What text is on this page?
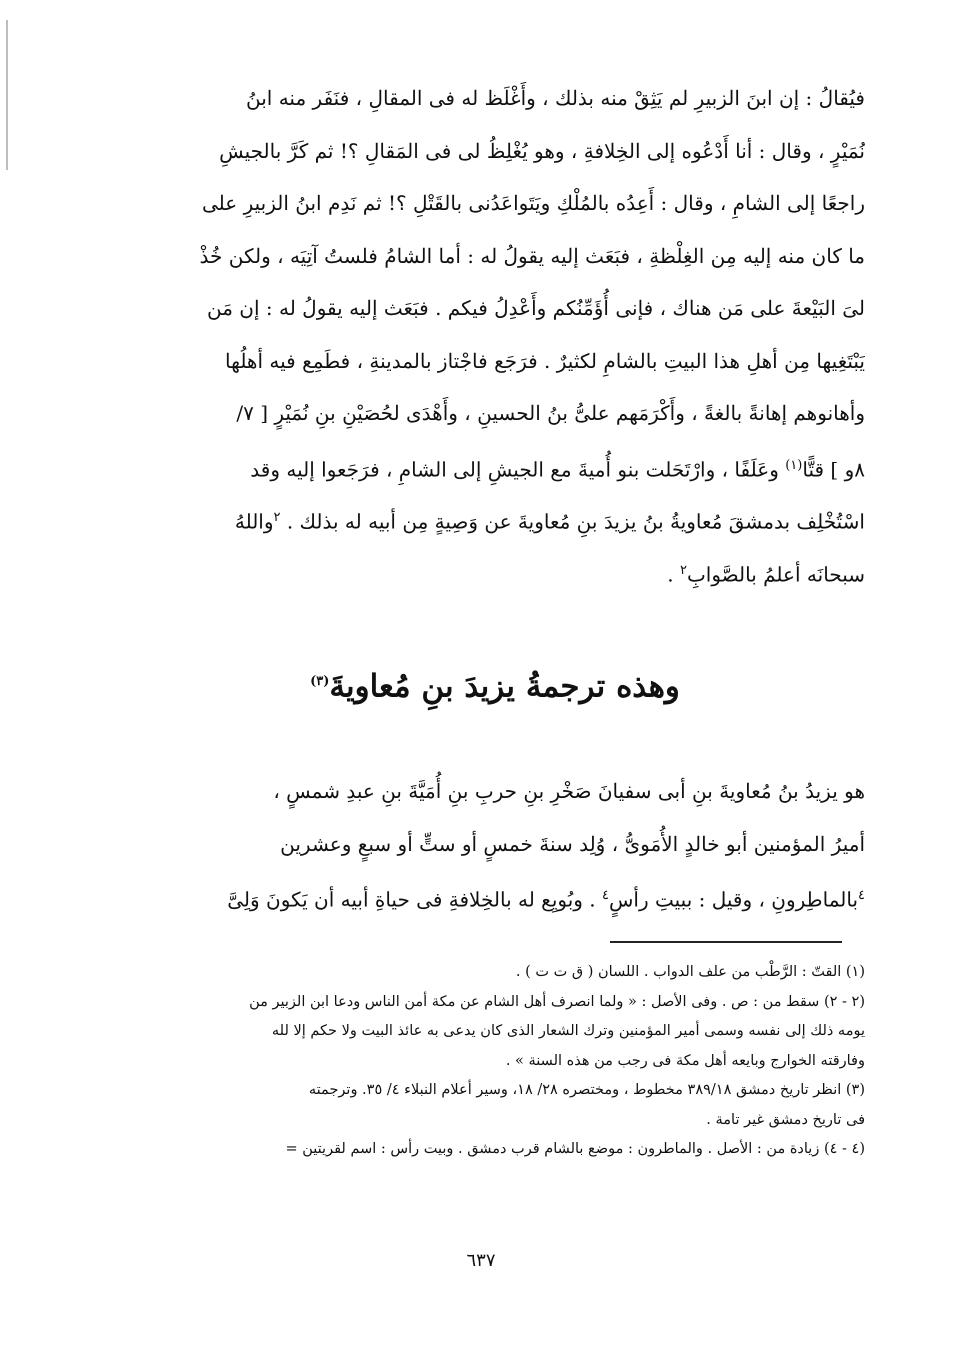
فيُقالُ : إن ابنَ الزبيرِ لم يَثِقْ منه بذلك ، وأَغْلَظ له فى المقالِ ، فنَفَر منه ابنُ
نُمَيْرٍ ، وقال : أنا أَدْعُوه إلى الخِلافةِ ، وهو يُغْلِظُ لى فى المَقالِ ؟! ثم كَرَّ بالجيشِ
راجعًا إلى الشامِ ، وقال : أَعِدُه بالمُلْكِ ويَتَواعَدُنى بالقَتْلِ ؟! ثم نَدِم ابنُ الزبيرِ على
ما كان منه إليه مِن الغِلْظةِ ، فبَعَث إليه يقولُ له : أما الشامُ فلستُ آتِيَه ، ولكن خُذْ
لىَ البَيْعةَ على مَن هناك ، فإنى أُؤَمِّنُكم وأَعْدِلُ فيكم . فبَعَث إليه يقولُ له : إن مَن
يَبْتَغِيها مِن أهلِ هذا البيتِ بالشامِ لكثيرٌ . فرَجَع فاجْتاز بالمدينةِ ، فطَمِع فيه أهلُها
وأهانوهم إهانةً بالغةً ، وأَكْرَمَهم علىُّ بنُ الحسينِ ، وأَهْدَى لحُصَيْنِ بنِ نُمَيْرٍ [ ٧/
٨و ] قتًّا$^{(١)}$ وعَلَفًا ، وارْتَحَلت بنو أُميةَ مع الجيشِ إلى الشامِ ، فرَجَعوا إليه وقد
اسْتُخْلِف بدمشقَ مُعاويةُ بنُ يزيدَ بنِ مُعاويةَ عن وَصِيةٍ مِن أبيه له بذلك . $^٢$واللهُ
سبحانَه أعلمُ بالصَّوابِ$^٢$ .
وهذه ترجمةُ يزيدَ بنِ مُعاويةَ$^{(٣)}$
هو يزيدُ بنُ مُعاويةَ بنِ أبى سفيانَ صَخْرِ بنِ حربِ بنِ أُمَيَّةَ بنِ عبدِ شمسٍ ،
أميرُ المؤمنين أبو خالدٍ الأُمَوىُّ ، وُلِد سنةَ خمسٍ أو ستٍّ أو سبعٍ وعشرين
$^٤$بالماطِرونِ ، وقيل : ببيتِ رأسٍ$^٤$ . وبُويِع له بالخِلافةِ فى حياةِ أبيه أن يَكونَ وَلِىَّ
(١) القتّ : الرَّطْب من علف الدواب . اللسان ( ق ت ت ) .
(٢ - ٢) سقط من : ص . وفى الأصل : « ولما انصرف أهل الشام عن مكة أمن الناس ودعا ابن الزبير من
يومه ذلك إلى نفسه وسمى أمير المؤمنين وترك الشعار الذى كان يدعى به عائذ البيت ولا حكم إلا لله
وفارقته الخوارج وبايعه أهل مكة فى رجب من هذه السنة » .
(٣) انظر تاريخ دمشق ٣٨٩/١٨ مخطوط ، ومختصره ٢٨/ ١٨، وسير أعلام النبلاء ٤/ ٣٥. وترجمته
فى تاريخ دمشق غير تامة .
(٤ - ٤) زيادة من : الأصل . والماطرون : موضع بالشام قرب دمشق . وبيت رأس : اسم لقريتين =
٦٣٧
